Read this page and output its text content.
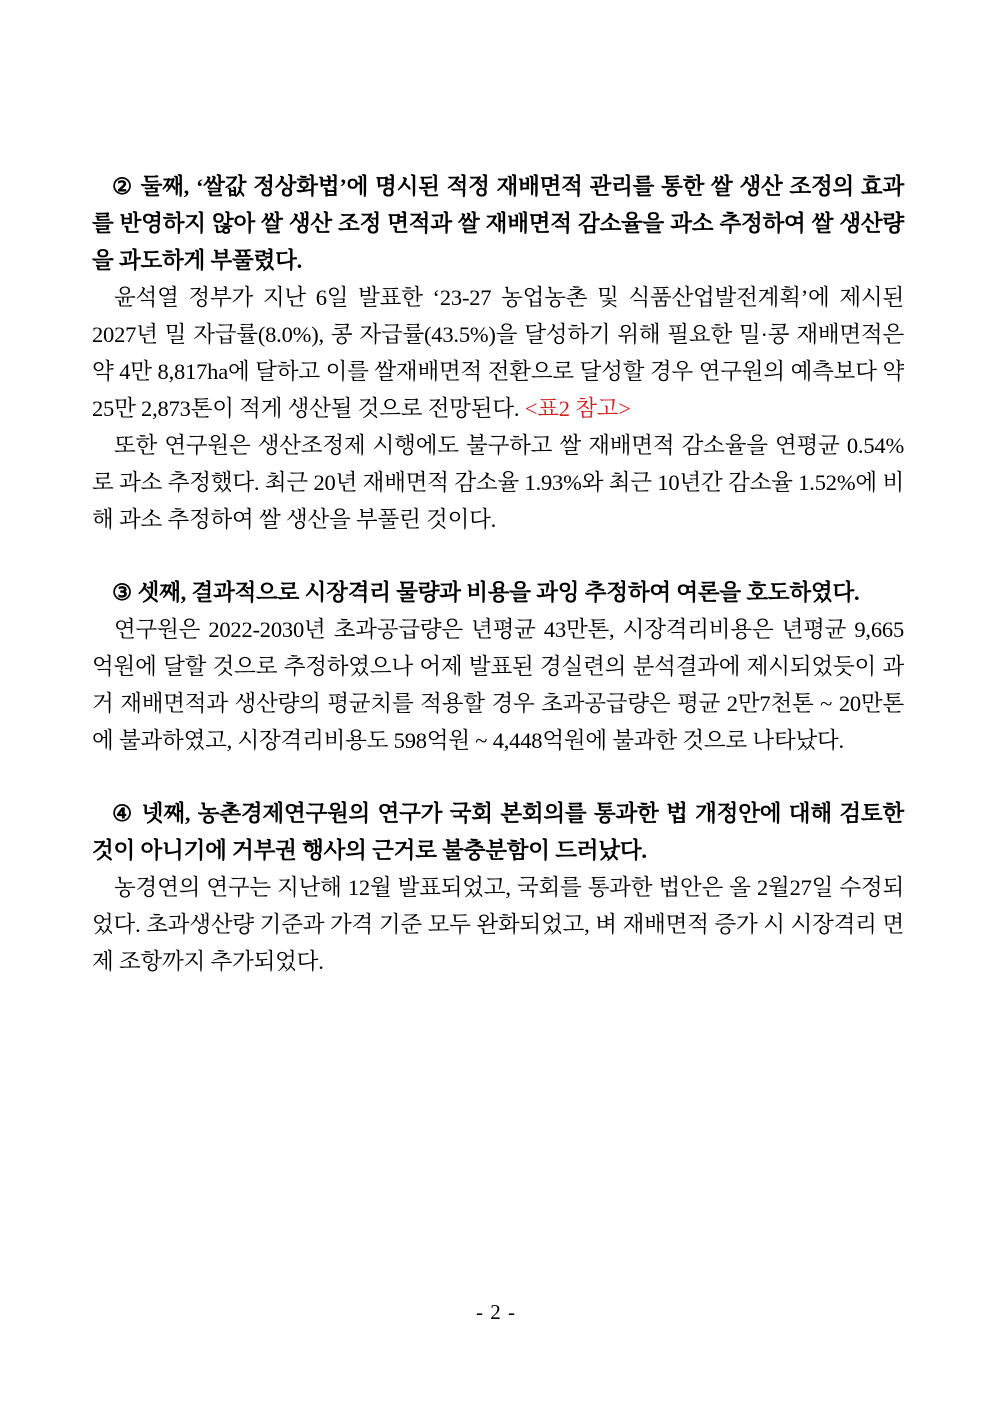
② 둘째, ‘쌀값 정상화법’에 명시된 적정 재배면적 관리를 통한 쌀 생산 조정의 효과를 반영하지 않아 쌀 생산 조정 면적과 쌀 재배면적 감소율을 과소 추정하여 쌀 생산량을 과도하게 부풀렸다.

윤석열 정부가 지난 6일 발표한 ‘23-27 농업농촌 및 식품산업발전계획’에 제시된 2027년 밀 자급률(8.0%), 콩 자급률(43.5%)을 달성하기 위해 필요한 밀·콩 재배면적은 약 4만 8,817ha에 달하고 이를 쌀재배면적 전환으로 달성할 경우 연구원의 예측보다 약 25만 2,873톤이 적게 생산될 것으로 전망된다. <표2 참고>

또한 연구원은 생산조정제 시행에도 불구하고 쌀 재배면적 감소율을 연평균 0.54%로 과소 추정했다. 최근 20년 재배면적 감소율 1.93%와 최근 10년간 감소율 1.52%에 비해 과소 추정하여 쌀 생산을 부풀린 것이다.

③ 셋째, 결과적으로 시장격리 물량과 비용을 과잉 추정하여 여론을 호도하였다.

연구원은 2022-2030년 초과공급량은 년평균 43만톤, 시장격리비용은 년평균 9,665억원에 달할 것으로 추정하였으나 어제 발표된 경실련의 분석결과에 제시되었듯이 과거 재배면적과 생산량의 평균치를 적용할 경우 초과공급량은 평균 2만7천톤 ~ 20만톤에 불과하였고, 시장격리비용도 598억원 ~ 4,448억원에 불과한 것으로 나타났다.

④ 넷째, 농촌경제연구원의 연구가 국회 본회의를 통과한 법 개정안에 대해 검토한 것이 아니기에 거부권 행사의 근거로 불충분함이 드러났다.

농경연의 연구는 지난해 12월 발표되었고, 국회를 통과한 법안은 올 2월27일 수정되었다. 초과생산량 기준과 가격 기준 모두 완화되었고, 벼 재배면적 증가 시 시장격리 면제 조항까지 추가되었다.

- 2 -
